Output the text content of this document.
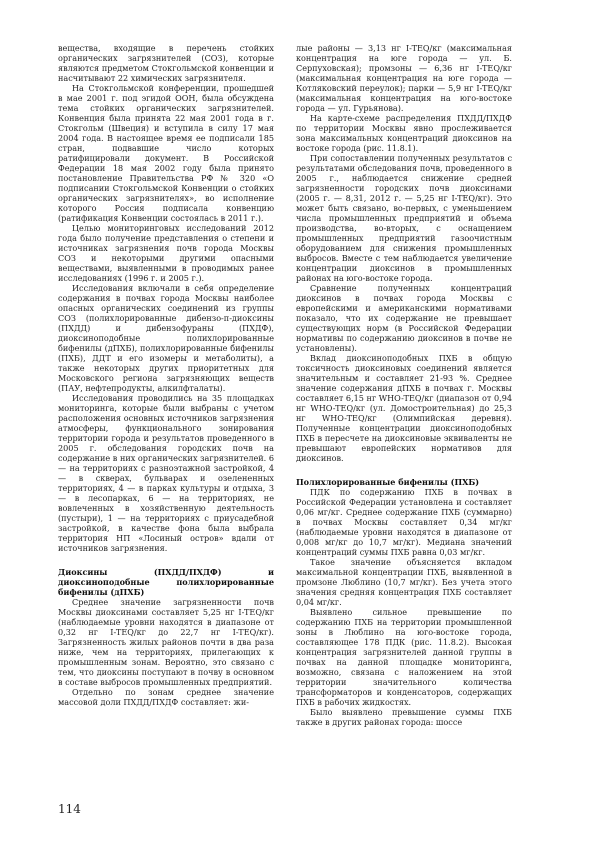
вещества, входящие в перечень стойких органических загрязнителей (СОЗ), которые являются предметом Стокгольмской конвенции и насчитывают 22 химических загрязнителя.

На Стокгольмской конференции, прошедшей в мае 2001 г. под эгидой ООН, была обсуждена тема стойких органических загрязнителей. Конвенция была принята 22 мая 2001 года в г. Стокгольм (Швеция) и вступила в силу 17 мая 2004 года. В настоящее время ее подписали 185 стран, подвавшие число которых ратифицировали документ. В Российской Федерации 18 мая 2002 году была принято постановление Правительства РФ № 320 «О подписании Стокгольмской Конвенции о стойких органических загрязнителях», во исполнение которого Россия подписала конвенцию (ратификация Конвенции состоялась в 2011 г.).

Целью мониторинговых исследований 2012 года было получение представления о степени и источниках загрязнения почв города Москвы СОЗ и некоторыми другими опасными веществами, выявленными в проводимых ранее исследованиях (1996 г. и 2005 г.).

Исследования включали в себя определение содержания в почвах города Москвы наиболее опасных органических соединений из группы СОЗ (полихлорированные дибензо-п-диоксины (ПХДД) и дибензофураны (ПХДФ), диоксиноподобные полихлорированные бифенилы (дПХБ), полихлорированные бифенилы (ПХБ), ДДТ и его изомеры и метаболиты), а также некоторых других приоритетных для Московского региона загрязняющих веществ (ПАУ, нефтепродукты, алкилфталаты).

Исследования проводились на 35 площадках мониторинга, которые были выбраны с учетом расположения основных источников загрязнения атмосферы, функционального зонирования территории города и результатов проведенного в 2005 г. обследования городских почв на содержание в них органических загрязнителей. 6 — на территориях с разноэтажной застройкой, 4 — в скверах, бульварах и озелененных территориях, 4 — в парках культуры и отдыха, 3 — в лесопарках, 6 — на территориях, не вовлеченных в хозяйственную деятельность (пустыри), 1 — на территориях с приусадебной застройкой, в качестве фона была выбрала территория НП «Лосиный остров» вдали от источников загрязнения.

Диоксины (ПХДД/ПХДФ) и диоксиноподобные полихлорированные бифенилы (дПХБ)

Среднее значение загрязненности почв Москвы диоксинами составляет 5,25 нг I-TEQ/кг (наблюдаемые уровни находятся в диапазоне от 0,32 нг I-TEQ/кг до 22,7 нг I-TEQ/кг). Загрязненность жилых районов почти в два раза ниже, чем на территориях, прилегающих к промышленным зонам. Вероятно, это связано с тем, что диоксины поступают в почву в основном в составе выбросов промышленных предприятий.

Отдельно по зонам среднее значение массовой доли ПХДД/ПХДФ составляет: жи-

лые районы — 3,13 нг I-TEQ/кг (максимальная концентрация на юге города — ул. Б. Серпуховская); промзоны — 6,36 нг I-TEQ/кг (максимальная концентрация на юге города — Котляковский переулок); парки — 5,9 нг I-TEQ/кг (максимальная концентрация на юго-востоке города — ул. Гурьянова).

На карте-схеме распределения ПХДД/ПХДФ по территории Москвы явно прослеживается зона максимальных концентраций диоксинов на востоке города (рис. 11.8.1).

При сопоставлении полученных результатов с результатами обследования почв, проведенного в 2005 г., наблюдается снижение средней загрязненности городских почв диоксинами (2005 г. — 8,31, 2012 г. — 5,25 нг I-TEQ/кг). Это может быть связано, во-первых, с уменьшением числа промышленных предприятий и объема производства, во-вторых, с оснащением промышленных предприятий газоочистным оборудованием для снижения промышленных выбросов. Вместе с тем наблюдается увеличение концентрации диоксинов в промышленных районах на юго-востоке города.

Сравнение полученных концентраций диоксинов в почвах города Москвы с европейскими и американскими нормативами показало, что их содержание не превышает существующих норм (в Российской Федерации нормативы по содержанию диоксинов в почве не установлены).

Вклад диоксиноподобных ПХБ в общую токсичность диоксиновых соединений является значительным и составляет 21-93 %. Среднее значение содержания дПХБ в почвах г. Москвы составляет 6,15 нг WHO-TEQ/кг (диапазон от 0,94 нг WHO-TEQ/кг (ул. Домостроительная) до 25,3 нг WHO-TEQ/кг (Олимпийская деревня). Полученные концентрации диоксиноподобных ПХБ в пересчете на диоксиновые эквиваленты не превышают европейских нормативов для диоксинов.

Полихлорированные бифенилы (ПХБ)

ПДК по содержанию ПХБ в почвах в Российской Федерации установлена и составляет 0,06 мг/кг. Среднее содержание ПХБ (суммарно) в почвах Москвы составляет 0,34 мг/кг (наблюдаемые уровни находятся в диапазоне от 0,008 мг/кг до 10,7 мг/кг). Медиана значений концентраций суммы ПХБ равна 0,03 мг/кг.

Такое значение объясняется вкладом максимальной концентрации ПХБ, выявленной в промзоне Люблино (10,7 мг/кг). Без учета этого значения средняя концентрация ПХБ составляет 0,04 мг/кг.

Выявлено сильное превышение по содержанию ПХБ на территории промышленной зоны в Люблино на юго-востоке города, составляющее 178 ПДК (рис. 11.8.2). Высокая концентрация загрязнителей данной группы в почвах на данной площадке мониторинга, возможно, связана с наложением на этой территории значительного количества трансформаторов и конденсаторов, содержащих ПХБ в рабочих жидкостях.

Было выявлено превышение суммы ПХБ также в других районах города: шоссе

114
